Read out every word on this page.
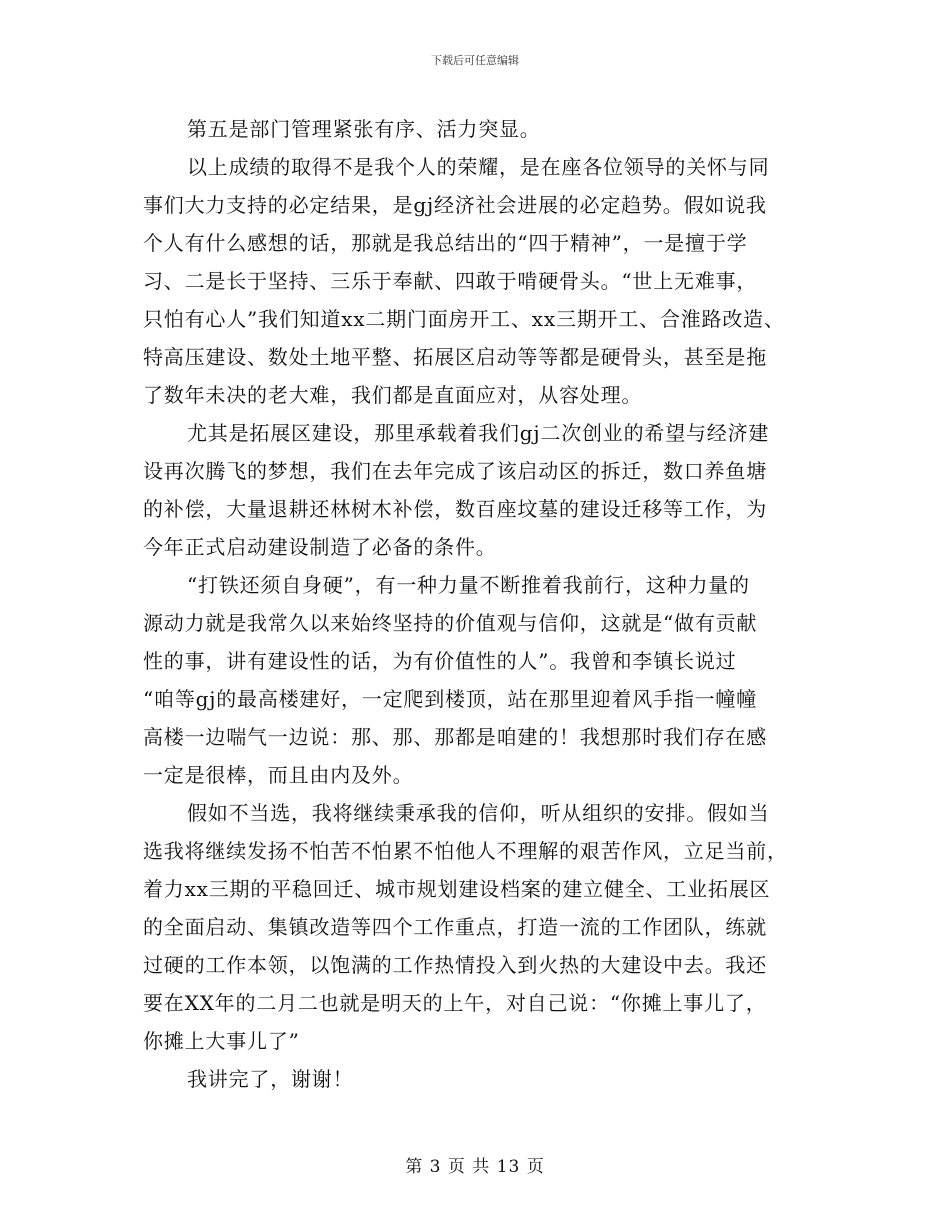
下载后可任意编辑
第五是部门管理紧张有序、活力突显。
以上成绩的取得不是我个人的荣耀，是在座各位领导的关怀与同
事们大力支持的必定结果，是gj经济社会进展的必定趋势。假如说我
个人有什么感想的话，那就是我总结出的“四于精神”，一是擅于学
习、二是长于坚持、三乐于奉献、四敢于啃硬骨头。“世上无难事，
只怕有心人”我们知道xx二期门面房开工、xx三期开工、合淮路改造、
特高压建设、数处土地平整、拓展区启动等等都是硬骨头，甚至是拖
了数年未决的老大难，我们都是直面应对，从容处理。
尤其是拓展区建设，那里承载着我们gj二次创业的希望与经济建
设再次腾飞的梦想，我们在去年完成了该启动区的拆迁，数口养鱼塘
的补偿，大量退耕还林树木补偿，数百座坟墓的建设迁移等工作，为
今年正式启动建设制造了必备的条件。
“打铁还须自身硬”，有一种力量不断推着我前行，这种力量的
源动力就是我常久以来始终坚持的价值观与信仰，这就是“做有贡献
性的事，讲有建设性的话，为有价值性的人”。我曾和李镇长说过
“咱等gj的最高楼建好，一定爬到楼顶，站在那里迎着风手指一幢幢
高楼一边喘气一边说：那、那、那都是咱建的！我想那时我们存在感
一定是很棒，而且由内及外。
假如不当选，我将继续秉承我的信仰，听从组织的安排。假如当
选我将继续发扬不怕苦不怕累不怕他人不理解的艰苦作风，立足当前，
着力xx三期的平稳回迁、城市规划建设档案的建立健全、工业拓展区
的全面启动、集镇改造等四个工作重点，打造一流的工作团队，练就
过硬的工作本领，以饱满的工作热情投入到火热的大建设中去。我还
要在XX年的二月二也就是明天的上午，对自己说：“你摊上事儿了，
你摊上大事儿了”
我讲完了，谢谢！
第 3 页 共 13 页
